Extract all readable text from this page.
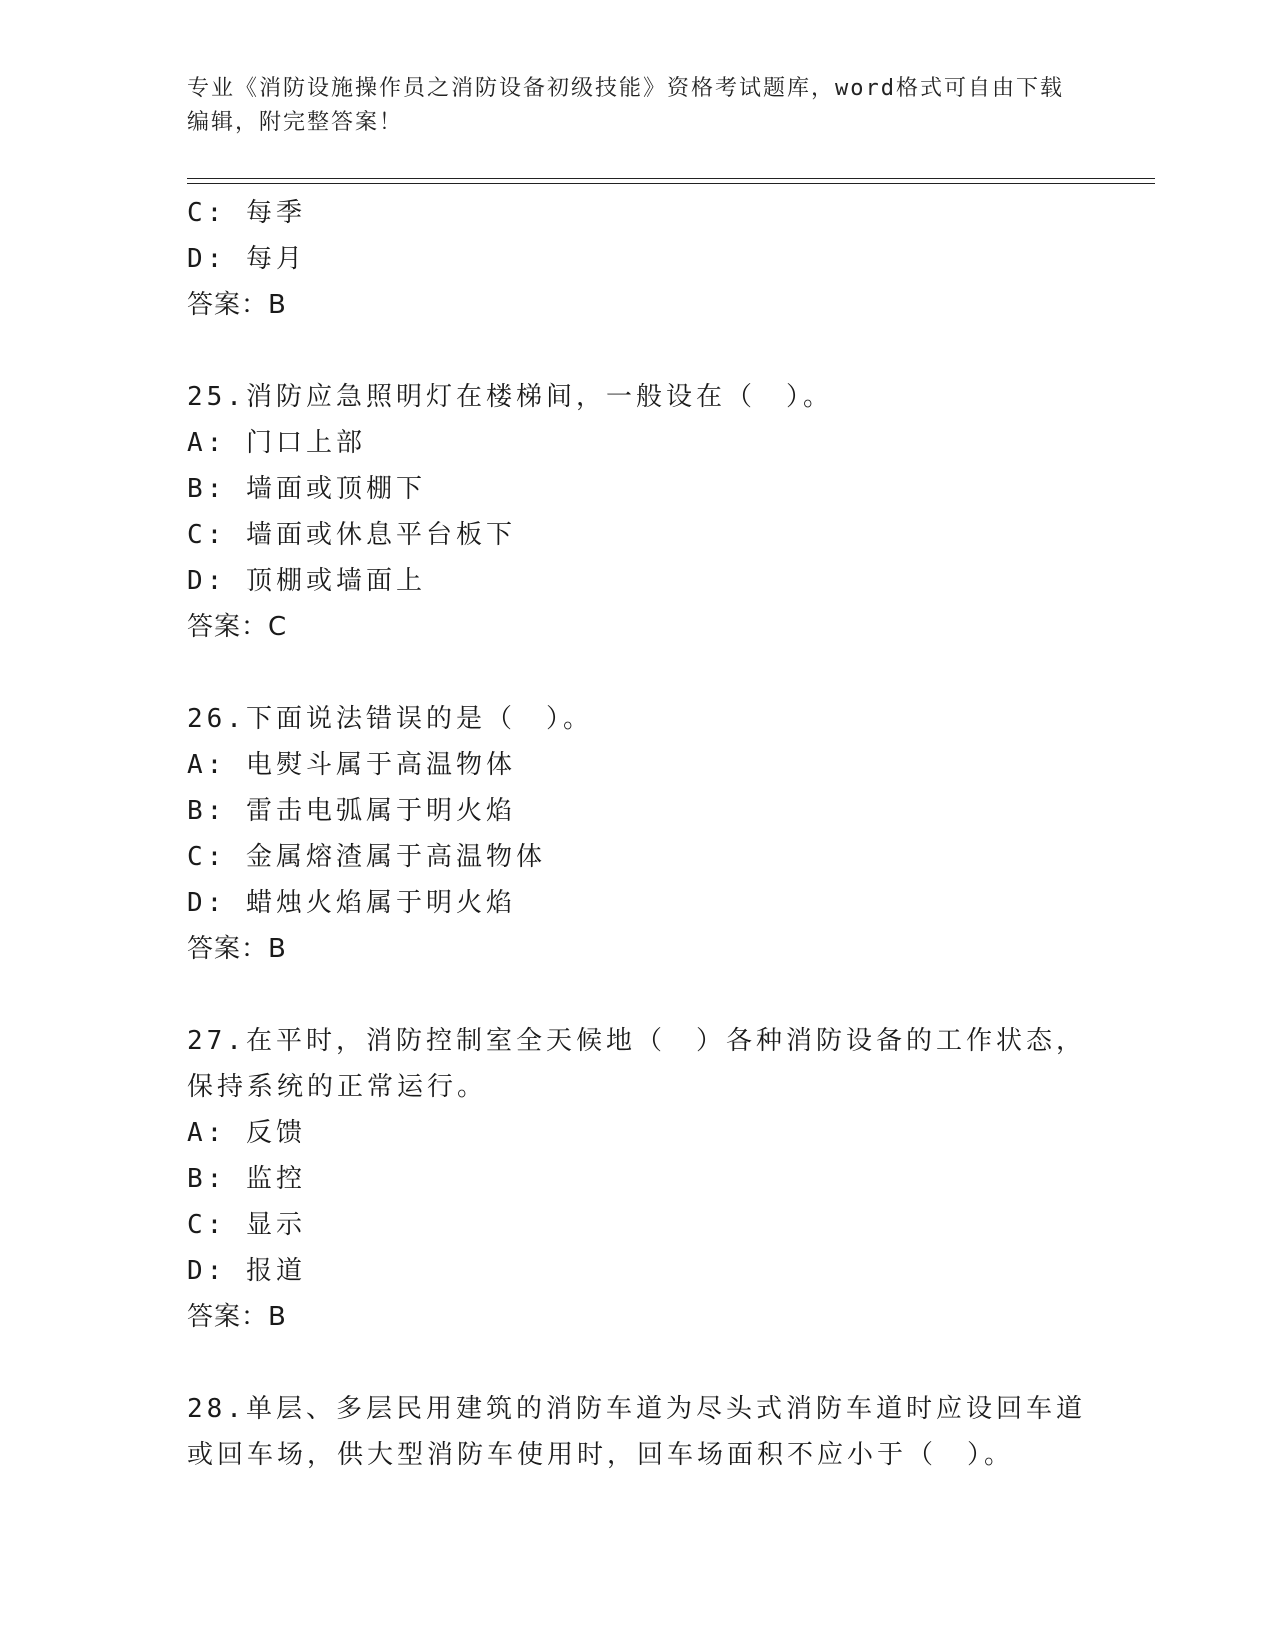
专业《消防设施操作员之消防设备初级技能》资格考试题库，word格式可自由下载编辑，附完整答案！
C: 每季
D: 每月
答案：B
25.消防应急照明灯在楼梯间，一般设在（　）。
A: 门口上部
B: 墙面或顶棚下
C: 墙面或休息平台板下
D: 顶棚或墙面上
答案：C
26.下面说法错误的是（　）。
A: 电熨斗属于高温物体
B: 雷击电弧属于明火焰
C: 金属熔渣属于高温物体
D: 蜡烛火焰属于明火焰
答案：B
27.在平时，消防控制室全天候地（　）各种消防设备的工作状态，保持系统的正常运行。
A: 反馈
B: 监控
C: 显示
D: 报道
答案：B
28.单层、多层民用建筑的消防车道为尽头式消防车道时应设回车道或回车场，供大型消防车使用时，回车场面积不应小于（　）。
